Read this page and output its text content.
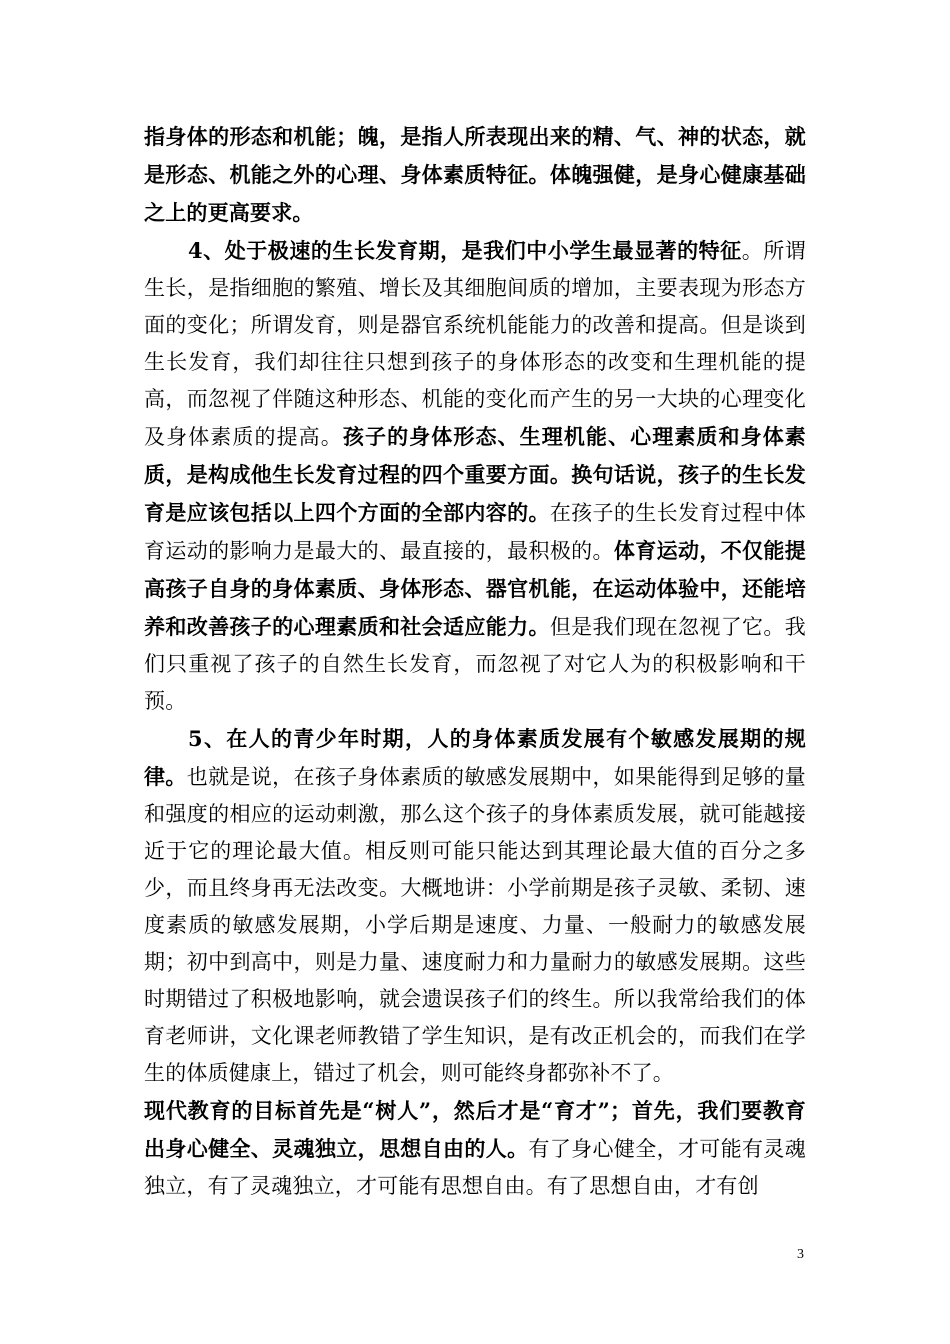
指身体的形态和机能；魄，是指人所表现出来的精、气、神的状态，就是形态、机能之外的心理、身体素质特征。体魄强健，是身心健康基础之上的更高要求。

4、处于极速的生长发育期，是我们中小学生最显著的特征。所谓生长，是指细胞的繁殖、增长及其细胞间质的增加，主要表现为形态方面的变化；所谓发育，则是器官系统机能能力的改善和提高。但是谈到生长发育，我们却往往只想到孩子的身体形态的改变和生理机能的提高，而忽视了伴随这种形态、机能的变化而产生的另一大块的心理变化及身体素质的提高。孩子的身体形态、生理机能、心理素质和身体素质，是构成他生长发育过程的四个重要方面。换句话说，孩子的生长发育是应该包括以上四个方面的全部内容的。在孩子的生长发育过程中体育运动的影响力是最大的、最直接的，最积极的。体育运动，不仅能提高孩子自身的身体素质、身体形态、器官机能，在运动体验中，还能培养和改善孩子的心理素质和社会适应能力。但是我们现在忽视了它。我们只重视了孩子的自然生长发育，而忽视了对它人为的积极影响和干预。

5、在人的青少年时期，人的身体素质发展有个敏感发展期的规律。也就是说，在孩子身体素质的敏感发展期中，如果能得到足够的量和强度的相应的运动刺激，那么这个孩子的身体素质发展，就可能越接近于它的理论最大值。相反则可能只能达到其理论最大值的百分之多少，而且终身再无法改变。大概地讲：小学前期是孩子灵敏、柔韧、速度素质的敏感发展期，小学后期是速度、力量、一般耐力的敏感发展期；初中到高中，则是力量、速度耐力和力量耐力的敏感发展期。这些时期错过了积极地影响，就会遗误孩子们的终生。所以我常给我们的体育老师讲，文化课老师教错了学生知识，是有改正机会的，而我们在学生的体质健康上，错过了机会，则可能终身都弥补不了。

现代教育的目标首先是“树人”，然后才是“育才”；首先，我们要教育出身心健全、灵魂独立，思想自由的人。有了身心健全，才可能有灵魂独立，有了灵魂独立，才可能有思想自由。有了思想自由，才有创

3
